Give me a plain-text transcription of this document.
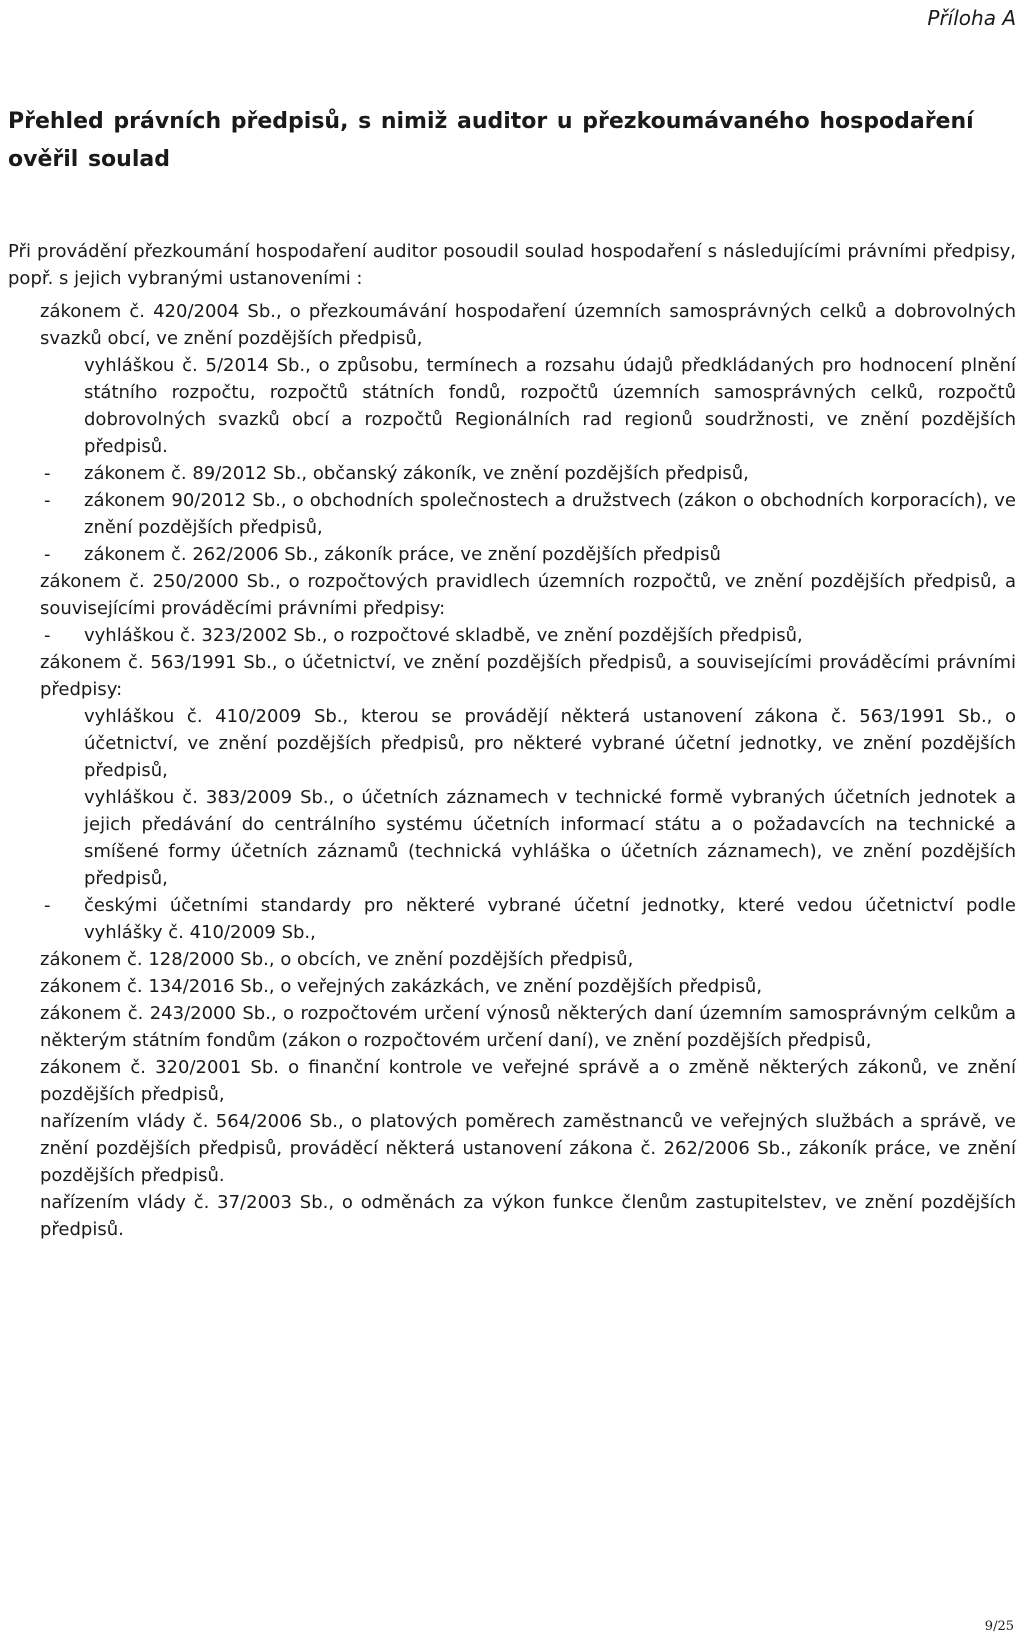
Příloha A
Přehled právních předpisů, s nimiž auditor u přezkoumávaného hospodaření ověřil soulad

Při provádění přezkoumání hospodaření auditor posoudil soulad hospodaření s následujícími právními předpisy, popř. s jejich vybranými ustanoveními :

zákonem č. 420/2004 Sb., o přezkoumávání hospodaření územních samosprávných celků a dobrovolných svazků obcí, ve znění pozdějších předpisů,
vyhláškou č. 5/2014 Sb., o způsobu, termínech a rozsahu údajů předkládaných pro hodnocení plnění státního rozpočtu, rozpočtů státních fondů, rozpočtů územních samosprávných celků, rozpočtů dobrovolných svazků obcí a rozpočtů Regionálních rad regionů soudržnosti, ve znění pozdějších předpisů.
- zákonem č. 89/2012 Sb., občanský zákoník, ve znění pozdějších předpisů,
- zákonem 90/2012 Sb., o obchodních společnostech a družstvech (zákon o obchodních korporacích), ve znění pozdějších předpisů,
- zákonem č. 262/2006 Sb., zákoník práce, ve znění pozdějších předpisů
zákonem č. 250/2000 Sb., o rozpočtových pravidlech územních rozpočtů, ve znění pozdějších předpisů, a souvisejícími prováděcími právními předpisy:
- vyhláškou č. 323/2002 Sb., o rozpočtové skladbě, ve znění pozdějších předpisů,
zákonem č. 563/1991 Sb., o účetnictví, ve znění pozdějších předpisů, a souvisejícími prováděcími právními předpisy:
vyhláškou č. 410/2009 Sb., kterou se provádějí některá ustanovení zákona č. 563/1991 Sb., o účetnictví, ve znění pozdějších předpisů, pro některé vybrané účetní jednotky, ve znění pozdějších předpisů,
vyhláškou č. 383/2009 Sb., o účetních záznamech v technické formě vybraných účetních jednotek a jejich předávání do centrálního systému účetních informací státu a o požadavcích na technické a smíšené formy účetních záznamů (technická vyhláška o účetních záznamech), ve znění pozdějších předpisů,
- českými účetními standardy pro některé vybrané účetní jednotky, které vedou účetnictví podle vyhlášky č. 410/2009 Sb.,
zákonem č. 128/2000 Sb., o obcích, ve znění pozdějších předpisů,
zákonem č. 134/2016 Sb., o veřejných zakázkách, ve znění pozdějších předpisů,
zákonem č. 243/2000 Sb., o rozpočtovém určení výnosů některých daní územním samosprávným celkům a některým státním fondům (zákon o rozpočtovém určení daní), ve znění pozdějších předpisů,
zákonem č. 320/2001 Sb. o finanční kontrole ve veřejné správě a o změně některých zákonů, ve znění pozdějších předpisů,
nařízením vlády č. 564/2006 Sb., o platových poměrech zaměstnanců ve veřejných službách a správě, ve znění pozdějších předpisů, prováděcí některá ustanovení zákona č. 262/2006 Sb., zákoník práce, ve znění pozdějších předpisů.
nařízením vlády č. 37/2003 Sb., o odměnách za výkon funkce členům zastupitelstev, ve znění pozdějších předpisů.
9/25
